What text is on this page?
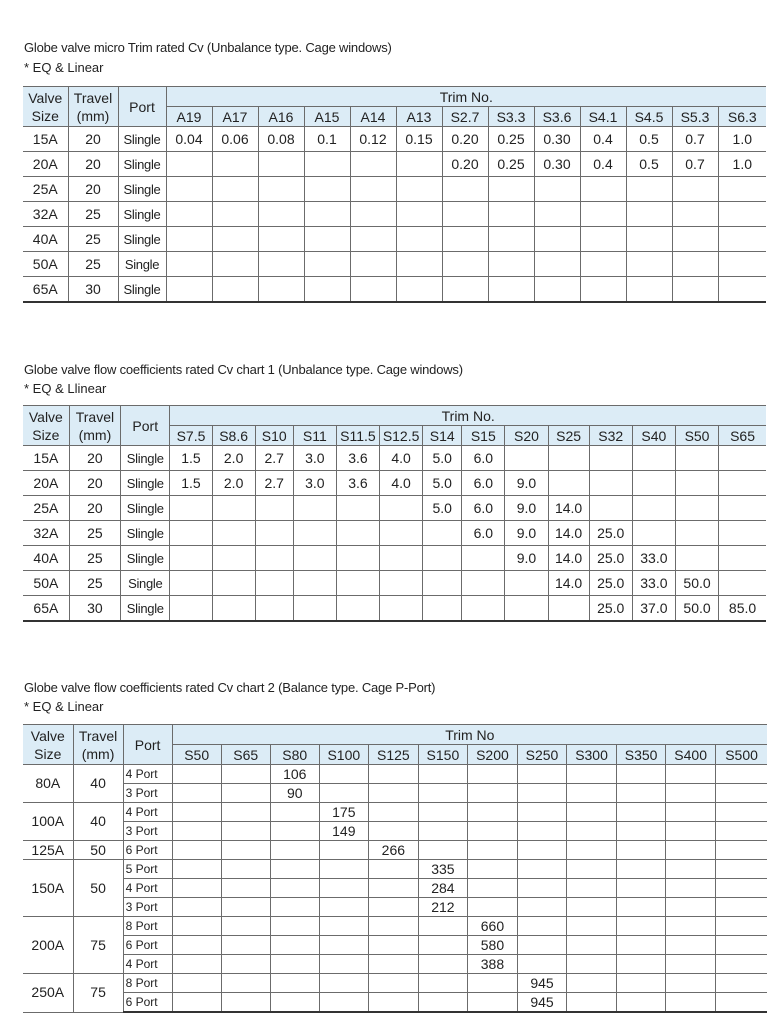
Globe valve micro Trim rated Cv (Unbalance type. Cage windows)
* EQ & Linear
Valve Size	Travel (mm)	Port	Trim No.												
			A19	A17	A16	A15	A14	A13	S2.7	S3.3	S3.6	S4.1	S4.5	S5.3	S6.3
15A	20	Slingle	0.04	0.06	0.08	0.1	0.12	0.15	0.20	0.25	0.30	0.4	0.5	0.7	1.0
20A	20	Slingle							0.20	0.25	0.30	0.4	0.5	0.7	1.0
25A	20	Slingle													
32A	25	Slingle													
40A	25	Slingle													
50A	25	Single													
65A	30	Slingle													
Globe valve flow coefficients rated Cv chart 1 (Unbalance type. Cage windows)
* EQ & Llinear
Valve Size	Travel (mm)	Port	Trim No.													
			S7.5	S8.6	S10	S11	S11.5	S12.5	S14	S15	S20	S25	S32	S40	S50	S65
15A	20	Slingle	1.5	2.0	2.7	3.0	3.6	4.0	5.0	6.0						
20A	20	Slingle	1.5	2.0	2.7	3.0	3.6	4.0	5.0	6.0	9.0					
25A	20	Slingle							5.0	6.0	9.0	14.0				
32A	25	Slingle								6.0	9.0	14.0	25.0			
40A	25	Slingle									9.0	14.0	25.0	33.0		
50A	25	Single										14.0	25.0	33.0	50.0	
65A	30	Slingle											25.0	37.0	50.0	85.0
Globe valve flow coefficients rated Cv chart 2 (Balance type. Cage P-Port)
* EQ & Linear
Valve Size	Travel (mm)	Port	Trim No											
			S50	S65	S80	S100	S125	S150	S200	S250	S300	S350	S400	S500
80A	40	4 Port			106									
		3 Port			90									
100A	40	4 Port				175								
		3 Port				149								
125A	50	6 Port					266							
150A	50	5 Port						335						
		4 Port						284						
		3 Port						212						
200A	75	8 Port							660					
		6 Port							580					
		4 Port							388					
250A	75	8 Port								945				
		6 Port								945				
